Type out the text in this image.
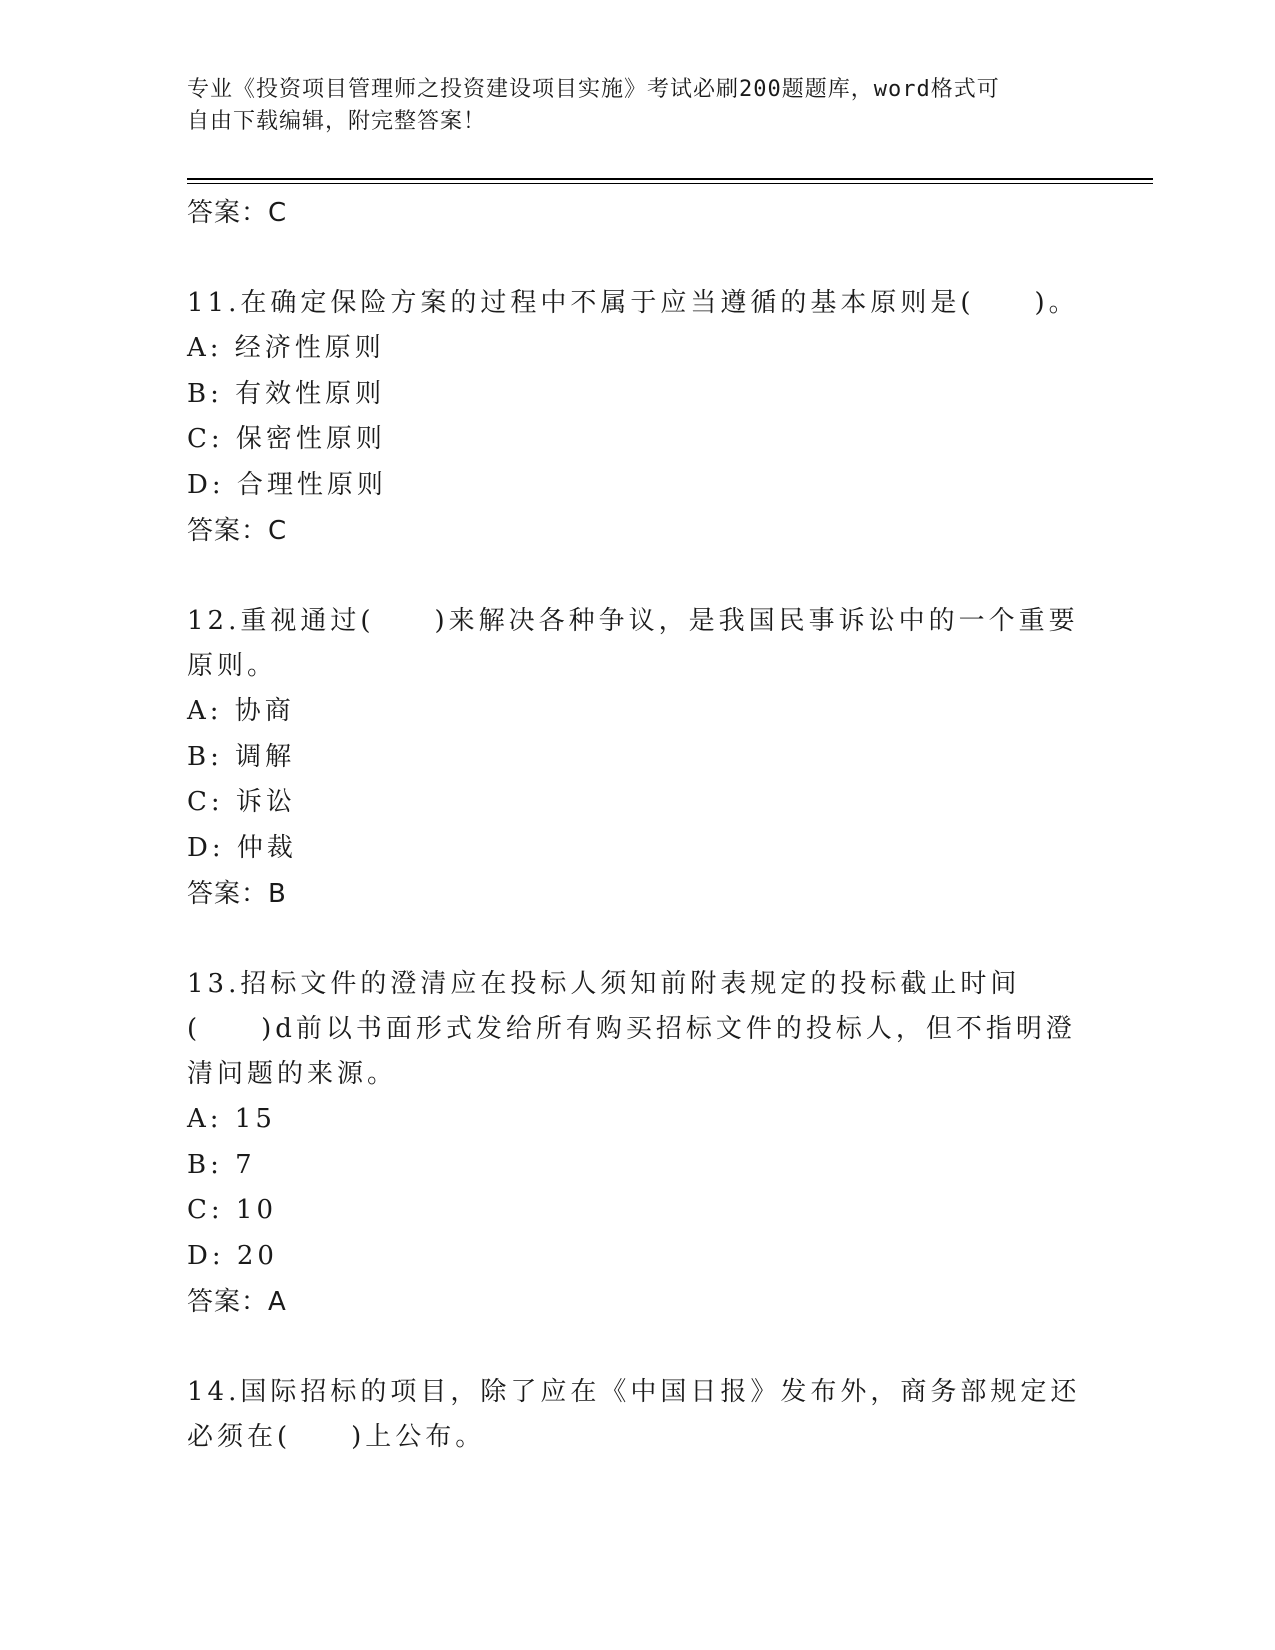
专业《投资项目管理师之投资建设项目实施》考试必刷200题题库，word格式可
自由下载编辑，附完整答案！
答案：C
11.在确定保险方案的过程中不属于应当遵循的基本原则是(　　)。
A: 经济性原则
B: 有效性原则
C: 保密性原则
D: 合理性原则
答案：C
12.重视通过(　　)来解决各种争议，是我国民事诉讼中的一个重要原则。
A: 协商
B: 调解
C: 诉讼
D: 仲裁
答案：B
13.招标文件的澄清应在投标人须知前附表规定的投标截止时间(　　)d前以书面形式发给所有购买招标文件的投标人，但不指明澄清问题的来源。
A: 15
B: 7
C: 10
D: 20
答案：A
14.国际招标的项目，除了应在《中国日报》发布外，商务部规定还必须在(　　)上公布。
